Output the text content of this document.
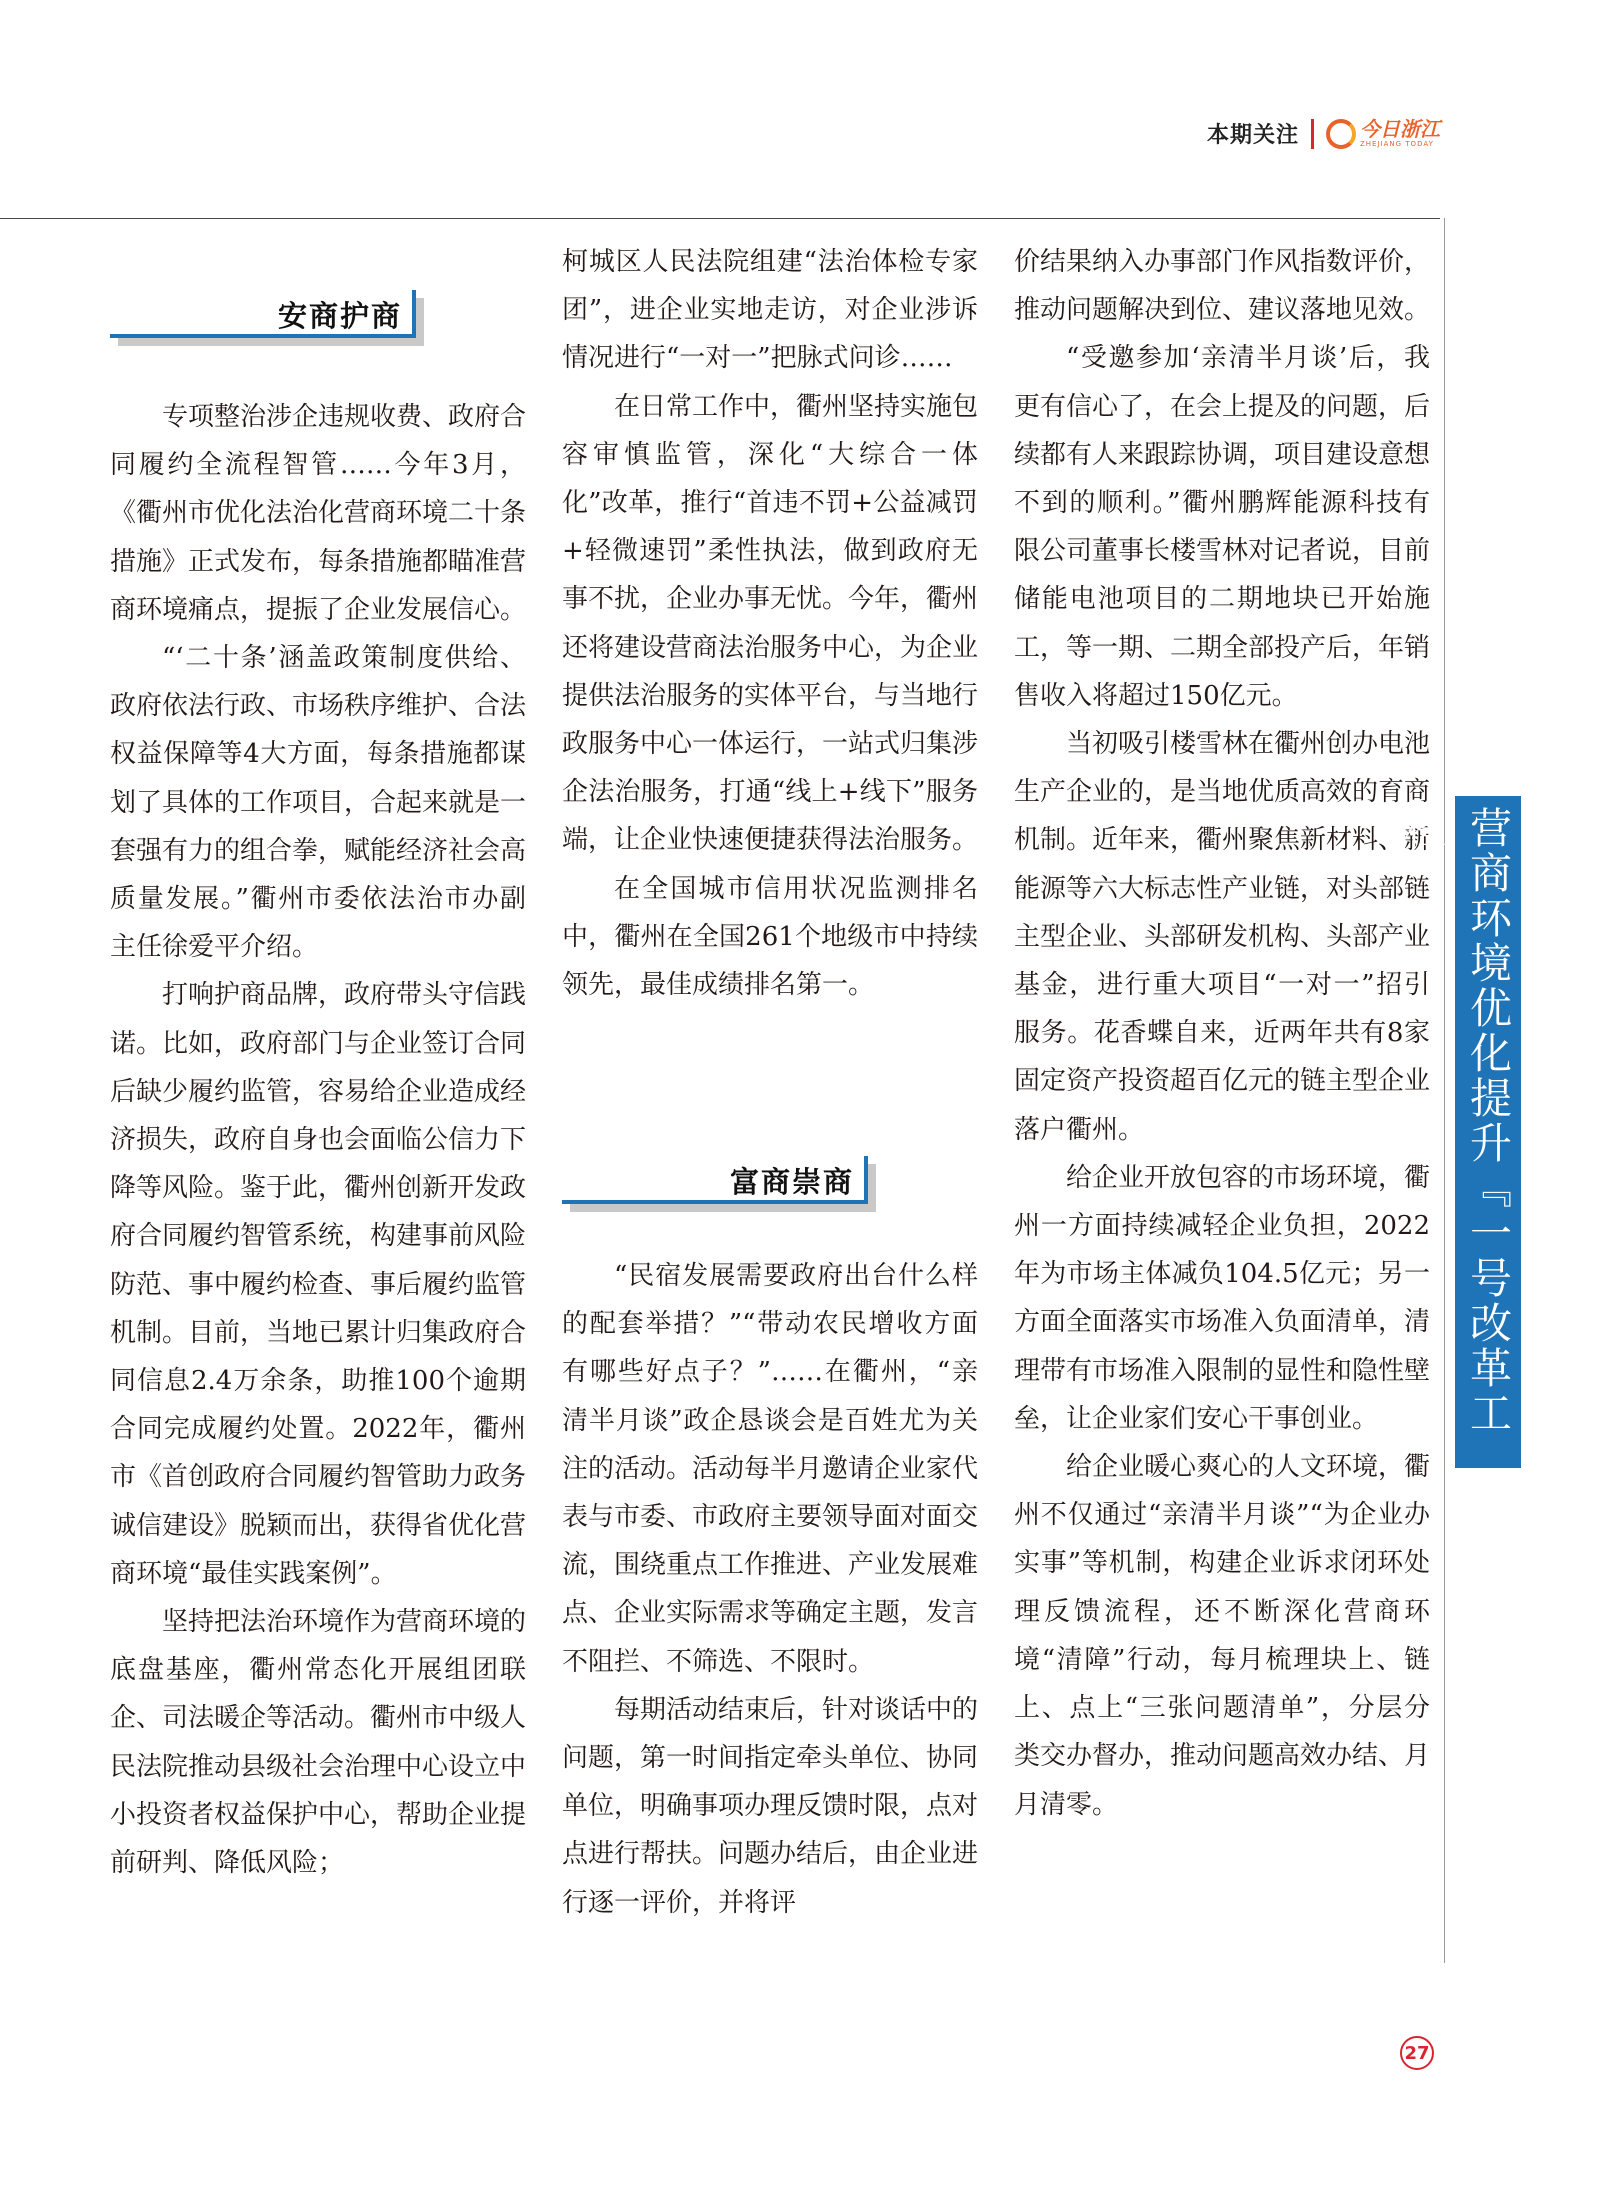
本期关注	今日浙江
ZHEJIANG TODAY
安商护商

专项整治涉企违规收费、政府合同履约全流程智管……今年3月，《衢州市优化法治化营商环境二十条措施》正式发布，每条措施都瞄准营商环境痛点，提振了企业发展信心。

“‘二十条’涵盖政策制度供给、政府依法行政、市场秩序维护、合法权益保障等4大方面，每条措施都谋划了具体的工作项目，合起来就是一套强有力的组合拳，赋能经济社会高质量发展。”衢州市委依法治市办副主任徐爱平介绍。

打响护商品牌，政府带头守信践诺。比如，政府部门与企业签订合同后缺少履约监管，容易给企业造成经济损失，政府自身也会面临公信力下降等风险。鉴于此，衢州创新开发政府合同履约智管系统，构建事前风险防范、事中履约检查、事后履约监管机制。目前，当地已累计归集政府合同信息2.4万余条，助推100个逾期合同完成履约处置。2022年，衢州市《首创政府合同履约智管助力政务诚信建设》脱颖而出，获得省优化营商环境“最佳实践案例”。

坚持把法治环境作为营商环境的底盘基座，衢州常态化开展组团联企、司法暖企等活动。衢州市中级人民法院推动县级社会治理中心设立中小投资者权益保护中心，帮助企业提前研判、降低风险；

柯城区人民法院组建“法治体检专家团”，进企业实地走访，对企业涉诉情况进行“一对一”把脉式问诊……

在日常工作中，衢州坚持实施包容审慎监管，深化“大综合一体化”改革，推行“首违不罚+公益减罚+轻微速罚”柔性执法，做到政府无事不扰，企业办事无忧。今年，衢州还将建设营商法治服务中心，为企业提供法治服务的实体平台，与当地行政服务中心一体运行，一站式归集涉企法治服务，打通“线上+线下”服务端，让企业快速便捷获得法治服务。

在全国城市信用状况监测排名中，衢州在全国261个地级市中持续领先，最佳成绩排名第一。

富商崇商

“民宿发展需要政府出台什么样的配套举措？”“带动农民增收方面有哪些好点子？”……在衢州，“亲清半月谈”政企恳谈会是百姓尤为关注的活动。活动每半月邀请企业家代表与市委、市政府主要领导面对面交流，围绕重点工作推进、产业发展难点、企业实际需求等确定主题，发言不阻拦、不筛选、不限时。

每期活动结束后，针对谈话中的问题，第一时间指定牵头单位、协同单位，明确事项办理反馈时限，点对点进行帮扶。问题办结后，由企业进行逐一评价，并将评

价结果纳入办事部门作风指数评价，推动问题解决到位、建议落地见效。

“受邀参加‘亲清半月谈’后，我更有信心了，在会上提及的问题，后续都有人来跟踪协调，项目建设意想不到的顺利。”衢州鹏辉能源科技有限公司董事长楼雪林对记者说，目前储能电池项目的二期地块已开始施工，等一期、二期全部投产后，年销售收入将超过150亿元。

当初吸引楼雪林在衢州创办电池生产企业的，是当地优质高效的育商机制。近年来，衢州聚焦新材料、新能源等六大标志性产业链，对头部链主型企业、头部研发机构、头部产业基金，进行重大项目“一对一”招引服务。花香蝶自来，近两年共有8家固定资产投资超百亿元的链主型企业落户衢州。

给企业开放包容的市场环境，衢州一方面持续减轻企业负担，2022年为市场主体减负104.5亿元；另一方面全面落实市场准入负面清单，清理带有市场准入限制的显性和隐性壁垒，让企业家们安心干事创业。

给企业暖心爽心的人文环境，衢州不仅通过“亲清半月谈”“为企业办实事”等机制，构建企业诉求闭环处理反馈流程，还不断深化营商环境“清障”行动，每月梳理块上、链上、点上“三张问题清单”，分层分类交办督办，推动问题高效办结、月月清零。

营商环境优化提升『一号改革工程』
27
